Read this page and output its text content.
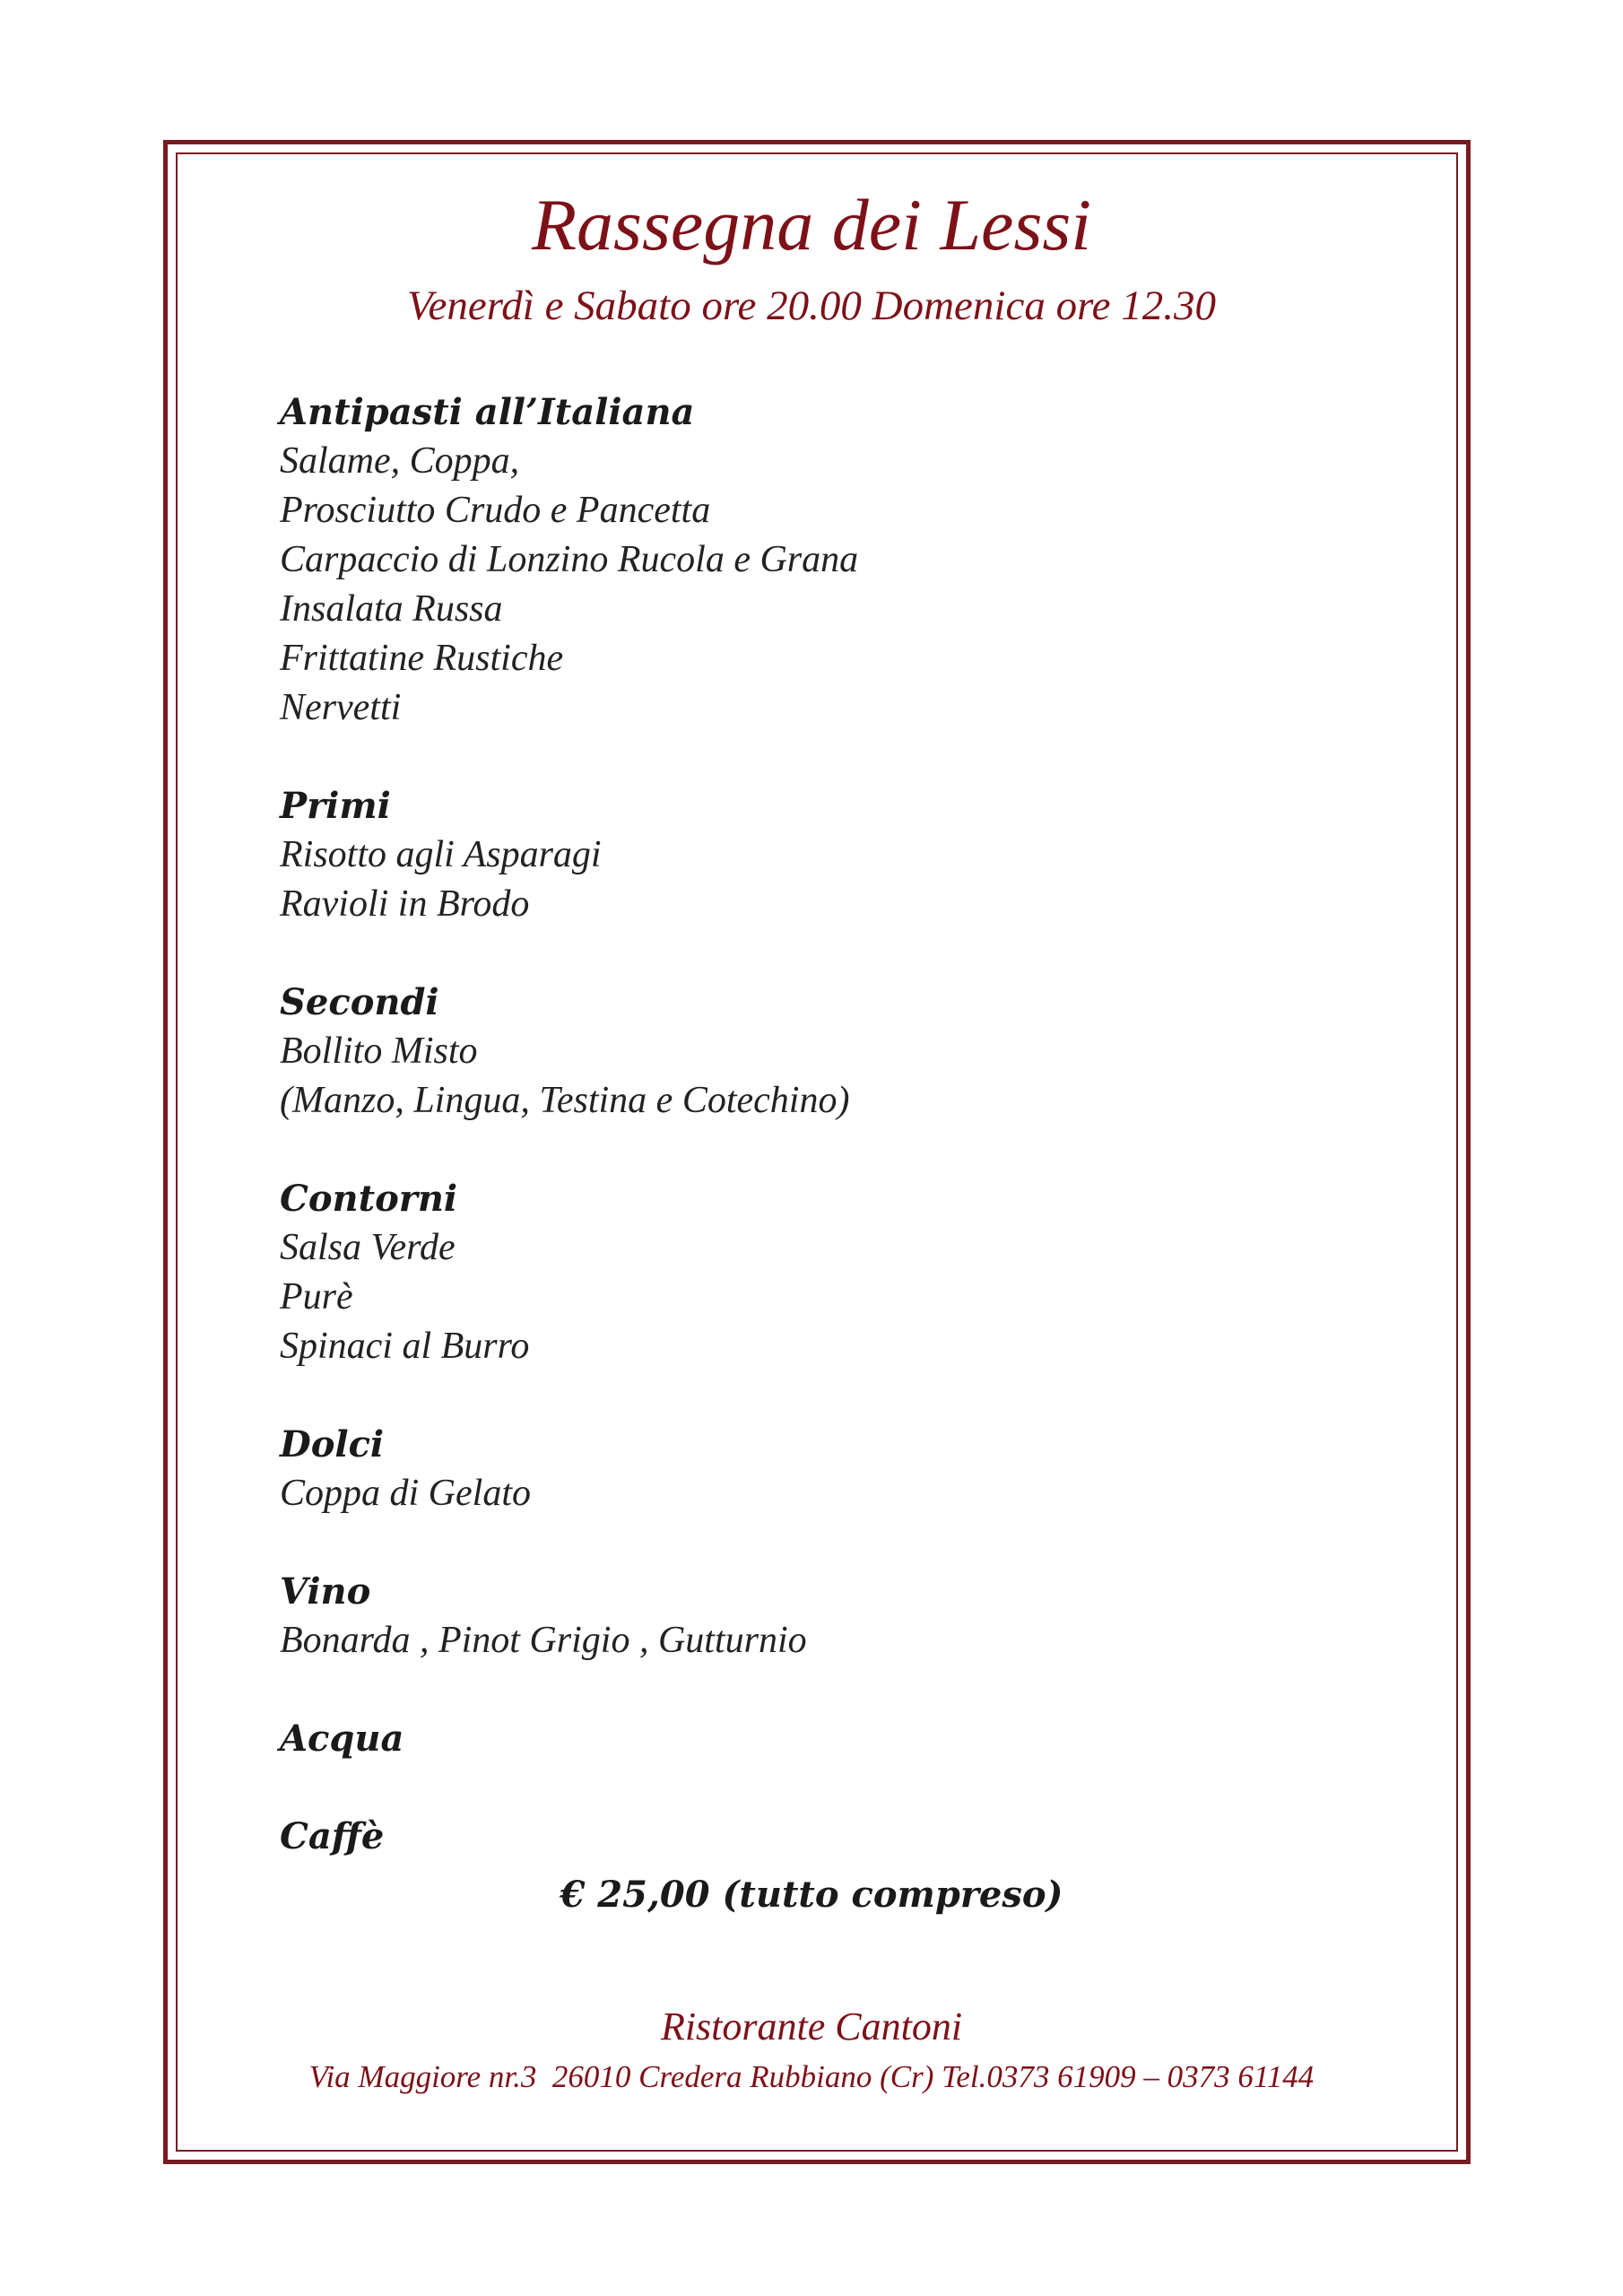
Rassegna dei Lessi
Venerdì e Sabato ore 20.00 Domenica ore 12.30
Antipasti all’Italiana
Salame, Coppa,
Prosciutto Crudo e Pancetta
Carpaccio di Lonzino Rucola e Grana
Insalata Russa
Frittatine Rustiche
Nervetti
Primi
Risotto agli Asparagi
Ravioli in Brodo
Secondi
Bollito Misto
(Manzo, Lingua, Testina e Cotechino)
Contorni
Salsa Verde
Purè
Spinaci al Burro
Dolci
Coppa di Gelato
Vino
Bonarda , Pinot Grigio , Gutturnio
Acqua
Caffè
€ 25,00 (tutto compreso)
Ristorante Cantoni
Via Maggiore nr.3  26010 Credera Rubbiano (Cr) Tel.0373 61909 – 0373 61144
